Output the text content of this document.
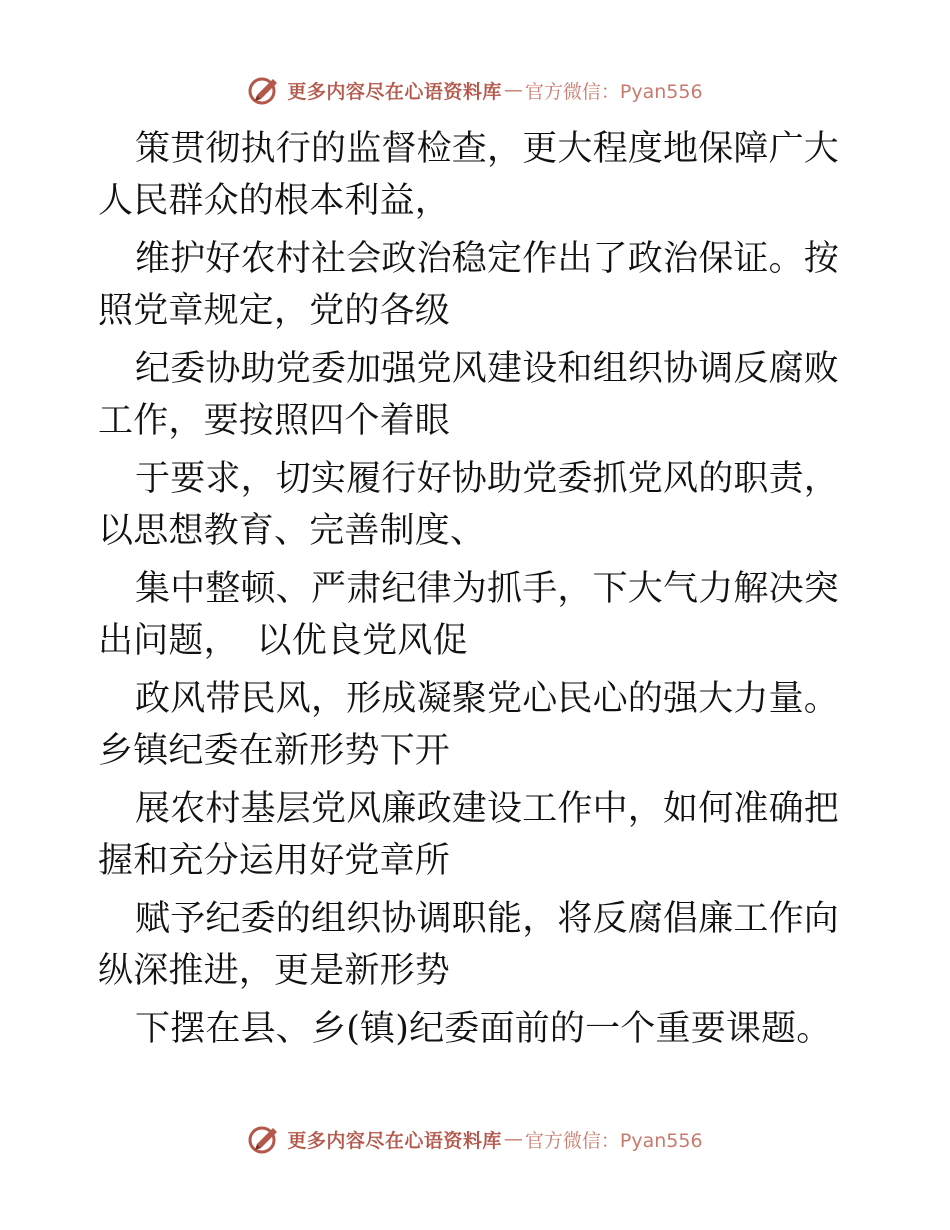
更多内容尽在心语资料库 — 官方微信：Pyan556

策贯彻执行的监督检查，更大程度地保障广大人民群众的根本利益，

维护好农村社会政治稳定作出了政治保证。按照党章规定，党的各级

纪委协助党委加强党风建设和组织协调反腐败工作，要按照四个着眼

于要求，切实履行好协助党委抓党风的职责，以思想教育、完善制度、

集中整顿、严肃纪律为抓手，下大气力解决突出问题，　以优良党风促

政风带民风，形成凝聚党心民心的强大力量。乡镇纪委在新形势下开

展农村基层党风廉政建设工作中，如何准确把握和充分运用好党章所

赋予纪委的组织协调职能，将反腐倡廉工作向纵深推进，更是新形势

下摆在县、乡(镇)纪委面前的一个重要课题。

更多内容尽在心语资料库 — 官方微信：Pyan556
